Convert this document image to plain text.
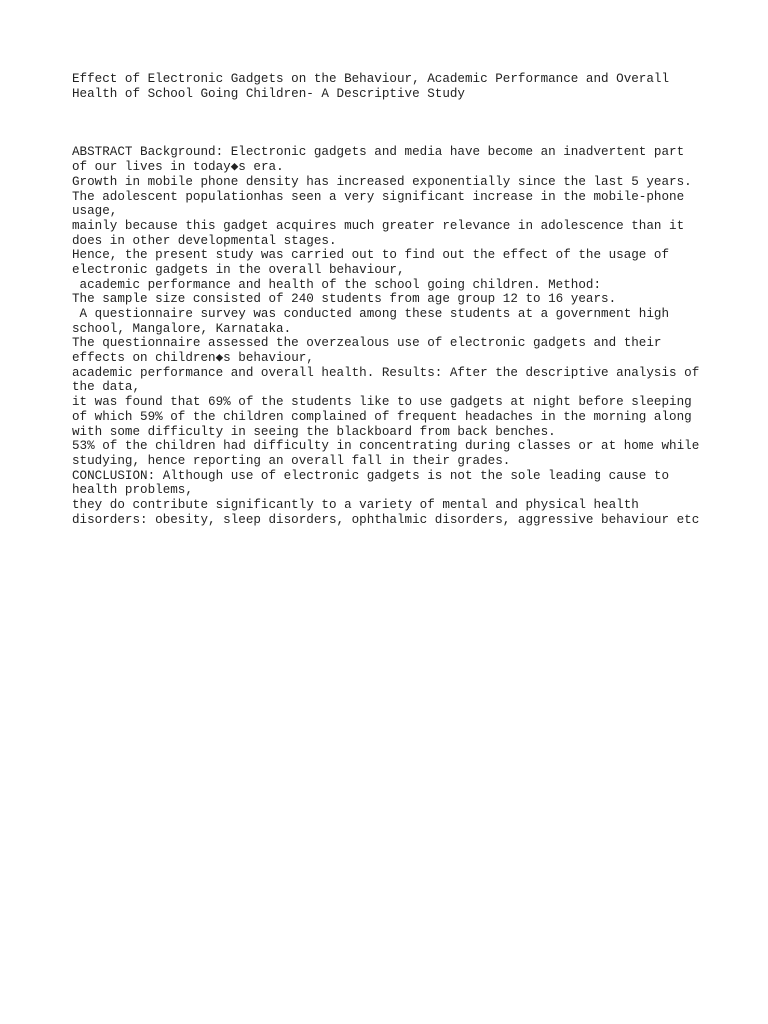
Effect of Electronic Gadgets on the Behaviour, Academic Performance and Overall
Health of School Going Children- A Descriptive Study
ABSTRACT Background: Electronic gadgets and media have become an inadvertent part
of our lives in today◆s era.
Growth in mobile phone density has increased exponentially since the last 5 years.
The adolescent populationhas seen a very significant increase in the mobile-phone
usage,
mainly because this gadget acquires much greater relevance in adolescence than it
does in other developmental stages.
Hence, the present study was carried out to find out the effect of the usage of
electronic gadgets in the overall behaviour,
academic performance and health of the school going children. Method:
The sample size consisted of 240 students from age group 12 to 16 years.
A questionnaire survey was conducted among these students at a government high
school, Mangalore, Karnataka.
The questionnaire assessed the overzealous use of electronic gadgets and their
effects on children◆s behaviour,
academic performance and overall health. Results: After the descriptive analysis of
the data,
it was found that 69% of the students like to use gadgets at night before sleeping
of which 59% of the children complained of frequent headaches in the morning along
with some difficulty in seeing the blackboard from back benches.
53% of the children had difficulty in concentrating during classes or at home while
studying, hence reporting an overall fall in their grades.
CONCLUSION: Although use of electronic gadgets is not the sole leading cause to
health problems,
they do contribute significantly to a variety of mental and physical health
disorders: obesity, sleep disorders, ophthalmic disorders, aggressive behaviour etc
